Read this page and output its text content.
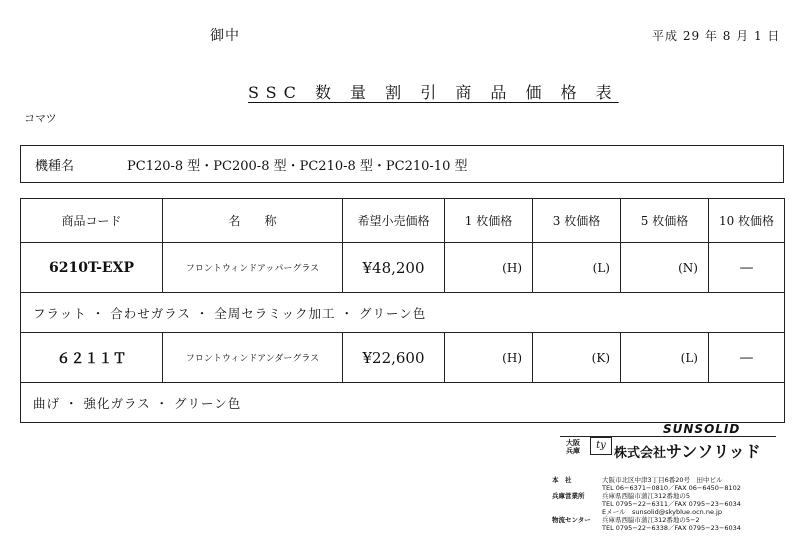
御中	平成 29 年 8 月 1 日
SSC 数 量 割 引 商 品 価 格 表
コマツ
機種名	PC120-8 型・PC200-8 型・PC210-8 型・PC210-10 型
商品コード	名　　称	希望小売価格	1 枚価格	3 枚価格	5 枚価格	10 枚価格
6210T-EXP	フロントウィンドアッパーグラス	¥48,200	(H)	(L)	(N)	—
フラット ・ 合わせガラス ・ 全周セラミック加工 ・ グリーン色						
６２１１Ｔ	フロントウィンドアンダーグラス	¥22,600	(H)	(K)	(L)	—
曲げ ・ 強化ガラス ・ グリーン色						
SUNSOLID
大阪
兵庫	ty
株式会社サンソリッド
本　社	大阪市北区中津3丁目6番20号　田中ビル
TEL 06−6371−0810／FAX 06−6450−8102
兵庫営業所	兵庫県西脇市蒲江312番地の5
TEL 0795−22−6311／FAX 0795−23−6034
Eメール　sunsolid@skyblue.ocn.ne.jp
物流センター	兵庫県西脇市蒲江312番地の5−2
TEL 0795−22−6338／FAX 0795−23−6034
